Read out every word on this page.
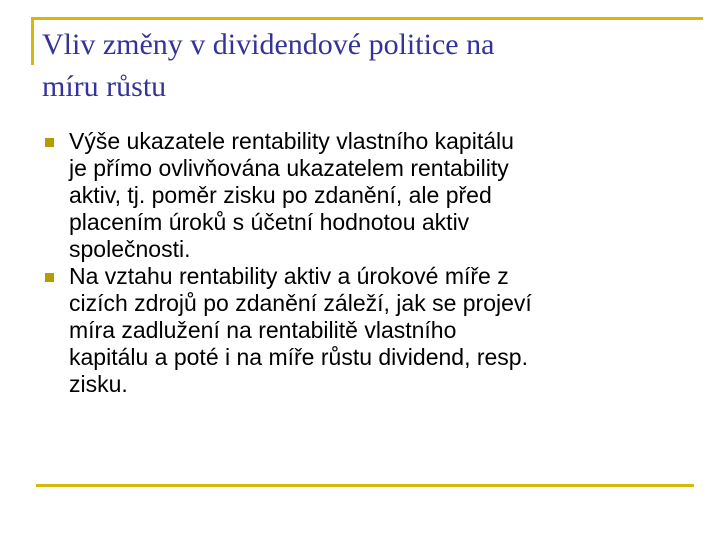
Vliv změny v dividendové politice na
míru růstu
Výše ukazatele rentability vlastního kapitálu
je přímo ovlivňována ukazatelem rentability
aktiv, tj. poměr zisku po zdanění, ale před
placením úroků s účetní hodnotou aktiv
společnosti.
Na vztahu rentability aktiv a úrokové míře z
cizích zdrojů po zdanění záleží, jak se projeví
míra zadlužení na rentabilitě vlastního
kapitálu a poté i na míře růstu dividend, resp.
zisku.
